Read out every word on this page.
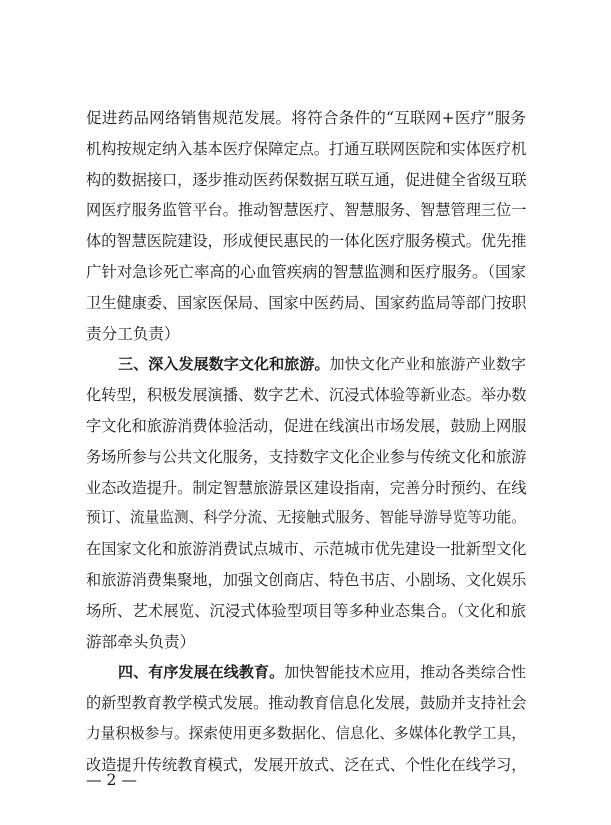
促进药品网络销售规范发展。将符合条件的“互联网+医疗”服务
机构按规定纳入基本医疗保障定点。打通互联网医院和实体医疗机
构的数据接口，逐步推动医药保数据互联互通，促进健全省级互联
网医疗服务监管平台。推动智慧医疗、智慧服务、智慧管理三位一
体的智慧医院建设，形成便民惠民的一体化医疗服务模式。优先推
广针对急诊死亡率高的心血管疾病的智慧监测和医疗服务。（国家
卫生健康委、国家医保局、国家中医药局、国家药监局等部门按职
责分工负责）
三、深入发展数字文化和旅游。加快文化产业和旅游产业数字
化转型，积极发展演播、数字艺术、沉浸式体验等新业态。举办数
字文化和旅游消费体验活动，促进在线演出市场发展，鼓励上网服
务场所参与公共文化服务，支持数字文化企业参与传统文化和旅游
业态改造提升。制定智慧旅游景区建设指南，完善分时预约、在线
预订、流量监测、科学分流、无接触式服务、智能导游导览等功能。
在国家文化和旅游消费试点城市、示范城市优先建设一批新型文化
和旅游消费集聚地，加强文创商店、特色书店、小剧场、文化娱乐
场所、艺术展览、沉浸式体验型项目等多种业态集合。（文化和旅
游部牵头负责）
四、有序发展在线教育。加快智能技术应用，推动各类综合性
的新型教育教学模式发展。推动教育信息化发展，鼓励并支持社会
力量积极参与。探索使用更多数据化、信息化、多媒体化教学工具，
改造提升传统教育模式，发展开放式、泛在式、个性化在线学习，
— 2 —
